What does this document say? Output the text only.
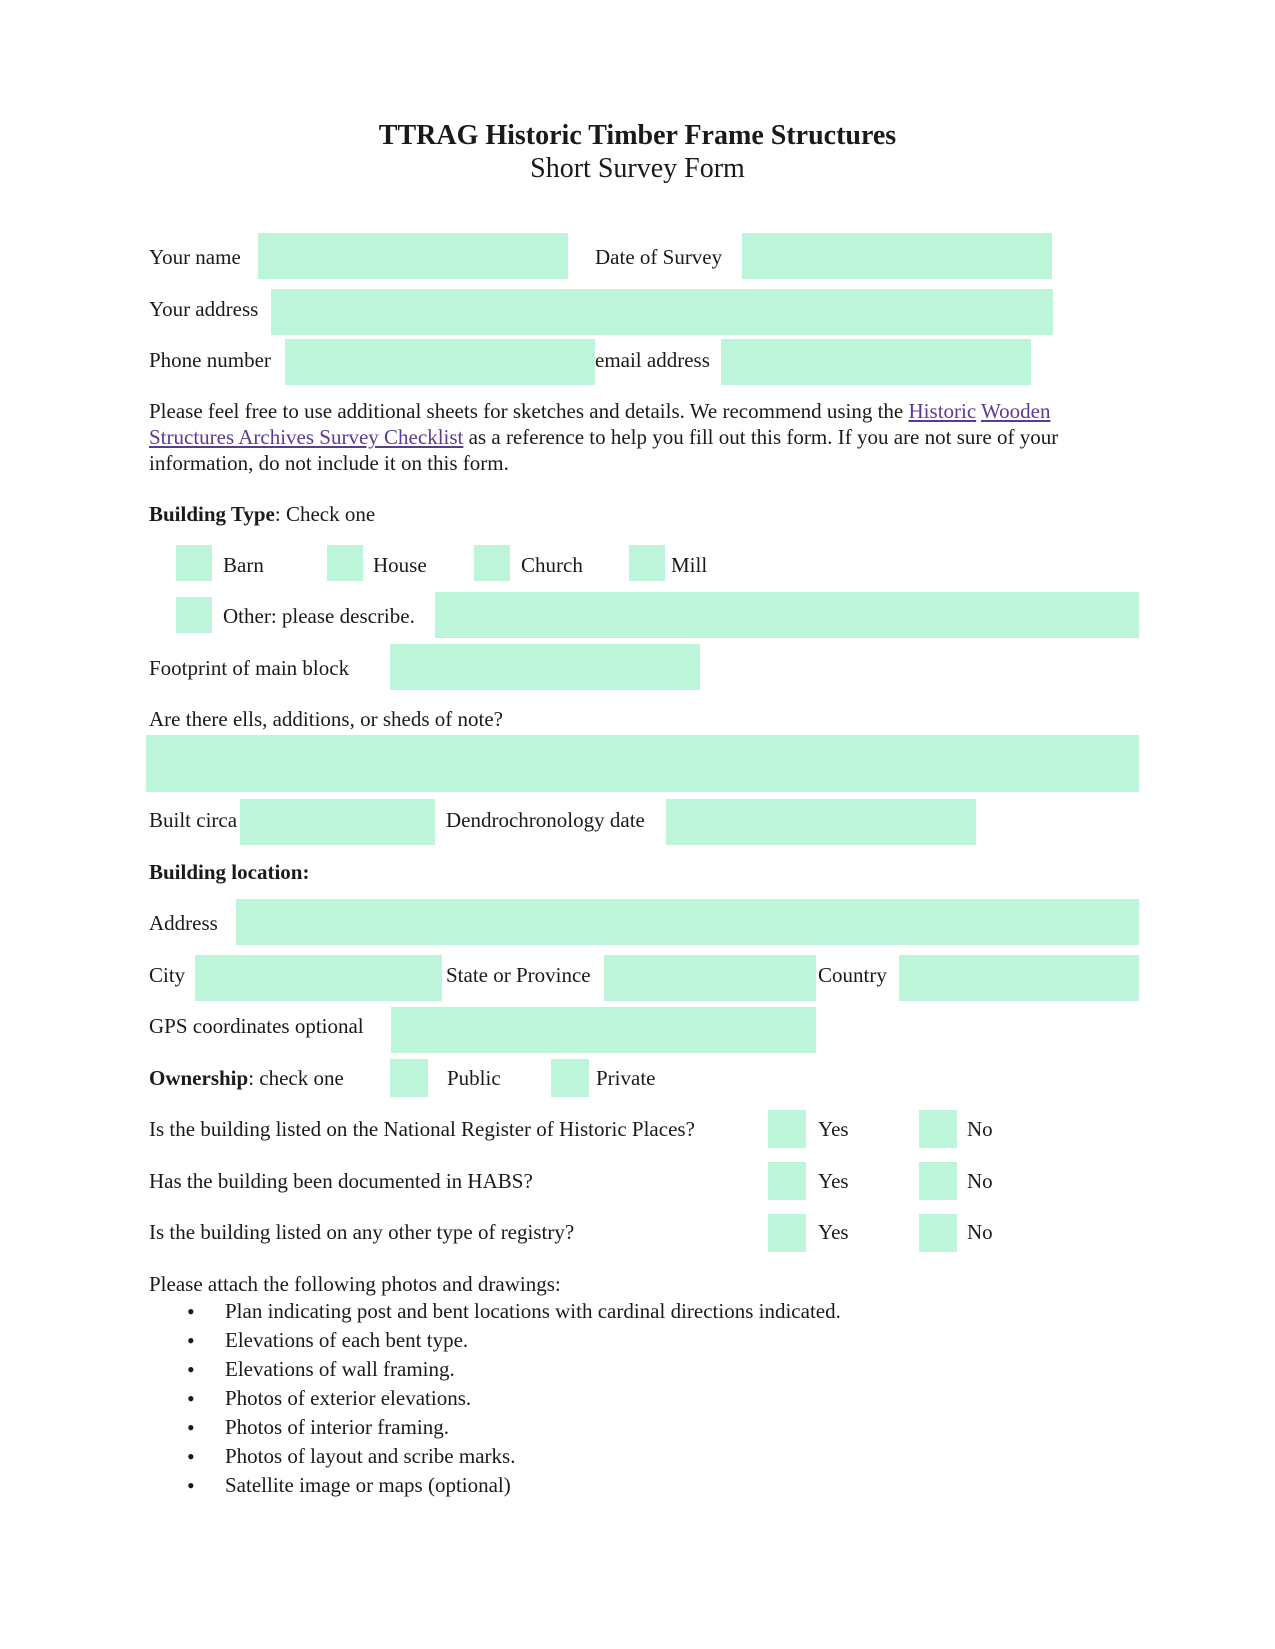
TTRAG Historic Timber Frame Structures
Short Survey Form
Your name	Date of Survey
Your address
Phone number	email address
Please feel free to use additional sheets for sketches and details. We recommend using the Historic Wooden Structures Archives Survey Checklist as a reference to help you fill out this form. If you are not sure of your information, do not include it on this form.
Building Type: Check one
Barn	House	Church	Mill
Other: please describe.
Footprint of main block
Are there ells, additions, or sheds of note?
Built circa	Dendrochronology date
Building location:
Address
City	State or Province	Country
GPS coordinates optional
Ownership: check one	Public	Private
Is the building listed on the National Register of Historic Places?	Yes	No
Has the building been documented in HABS?	Yes	No
Is the building listed on any other type of registry?	Yes	No
Please attach the following photos and drawings:
• Plan indicating post and bent locations with cardinal directions indicated.
• Elevations of each bent type.
• Elevations of wall framing.
• Photos of exterior elevations.
• Photos of interior framing.
• Photos of layout and scribe marks.
• Satellite image or maps (optional)
